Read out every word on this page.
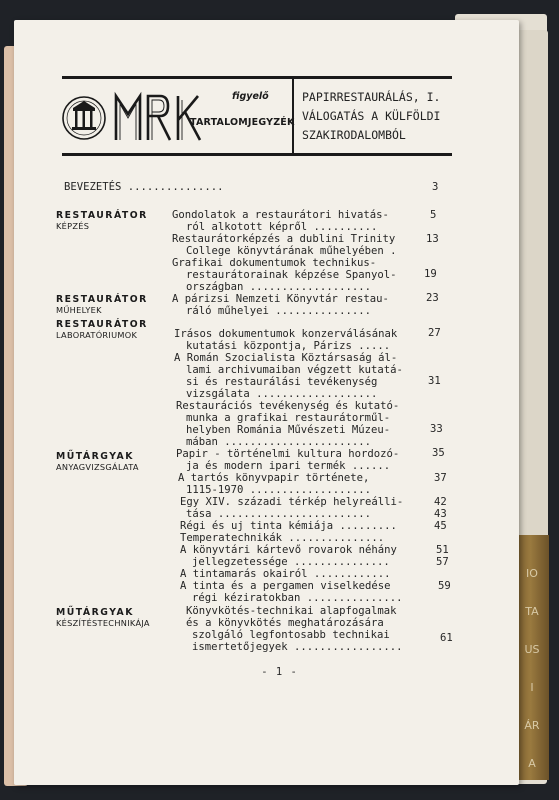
IO
TA
US
I
ÁR
A
figyelő
TARTALOMJEGYZÉK
PAPIRRESTAURÁLÁS, I.
VÁLOGATÁS A KÜLFÖLDI
SZAKIRODALOMBÓL
RESTAURÁTOR
KÉPZÉS
RESTAURÁTOR
MŰHELYEK
RESTAURÁTOR
LABORATÓRIUMOK
MŰTÁRGYAK
ANYAGVIZSGÁLATA
MŰTÁRGYAK
KÉSZÍTÉSTECHNIKÁJA
BEVEZETÉS ...............
Gondolatok a restaurátori hivatás-
ról alkotott képről ..........
Restaurátorképzés a dublini Trinity
College könyvtárának műhelyében .
Grafikai dokumentumok technikus-
restaurátorainak képzése Spanyol-
országban ...................
A párizsi Nemzeti Könyvtár restau-
ráló műhelyei ...............
Irásos dokumentumok konzerválásának
kutatási központja, Párizs .....
A Román Szocialista Köztársaság ál-
lami archivumaiban végzett kutatá-
si és restaurálási tevékenység
vizsgálata ...................
Restaurációs tevékenység és kutató-
munka a grafikai restaurátorműl-
helyben Románia Művészeti Múzeu-
mában .......................
Papir - történelmi kultura hordozó-
ja és modern ipari termék ......
A tartós könyvpapir története,
1115-1970 ...................
Egy XIV. századi térkép helyreálli-
tása ........................
Régi és uj tinta kémiája .........
Temperatechnikák ...............
A könyvtári kártevő rovarok néhány
jellegzetessége ...............
A tintamarás okairól ............
A tinta és a pergamen viselkedése
régi kéziratokban ...............
Könyvkötés-technikai alapfogalmak
és a könyvkötés meghatározására
szolgáló legfontosabb technikai
ismertetőjegyek .................
3
5
13
19
23
27
31
33
35
37
42
43
45
51
57
59
61
- 1 -
